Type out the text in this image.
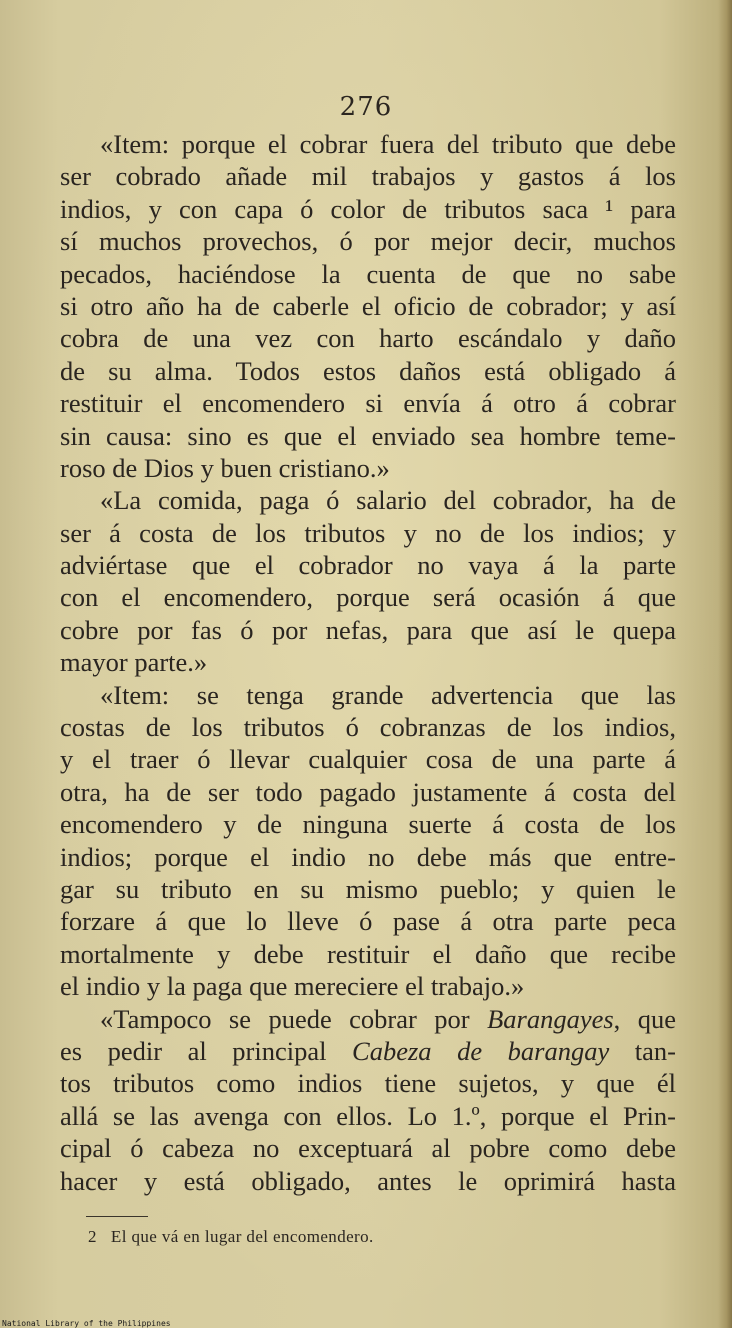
276
«Item: porque el cobrar fuera del tributo que debe
ser cobrado añade mil trabajos y gastos á los
indios, y con capa ó color de tributos saca ¹ para
sí muchos provechos, ó por mejor decir, muchos
pecados, haciéndose la cuenta de que no sabe
si otro año ha de caberle el oficio de cobrador; y así
cobra de una vez con harto escándalo y daño
de su alma. Todos estos daños está obligado á
restituir el encomendero si envía á otro á cobrar
sin causa: sino es que el enviado sea hombre teme-
roso de Dios y buen cristiano.»
«La comida, paga ó salario del cobrador, ha de
ser á costa de los tributos y no de los indios; y
adviértase que el cobrador no vaya á la parte
con el encomendero, porque será ocasión á que
cobre por fas ó por nefas, para que así le quepa
mayor parte.»
«Item: se tenga grande advertencia que las
costas de los tributos ó cobranzas de los indios,
y el traer ó llevar cualquier cosa de una parte á
otra, ha de ser todo pagado justamente á costa del
encomendero y de ninguna suerte á costa de los
indios; porque el indio no debe más que entre-
gar su tributo en su mismo pueblo; y quien le
forzare á que lo lleve ó pase á otra parte peca
mortalmente y debe restituir el daño que recibe
el indio y la paga que mereciere el trabajo.»
«Tampoco se puede cobrar por Barangayes, que
es pedir al principal Cabeza de barangay tan-
tos tributos como indios tiene sujetos, y que él
allá se las avenga con ellos. Lo 1.º, porque el Prin-
cipal ó cabeza no exceptuará al pobre como debe
hacer y está obligado, antes le oprimirá hasta
2 El que vá en lugar del encomendero.
National Library of the Philippines
